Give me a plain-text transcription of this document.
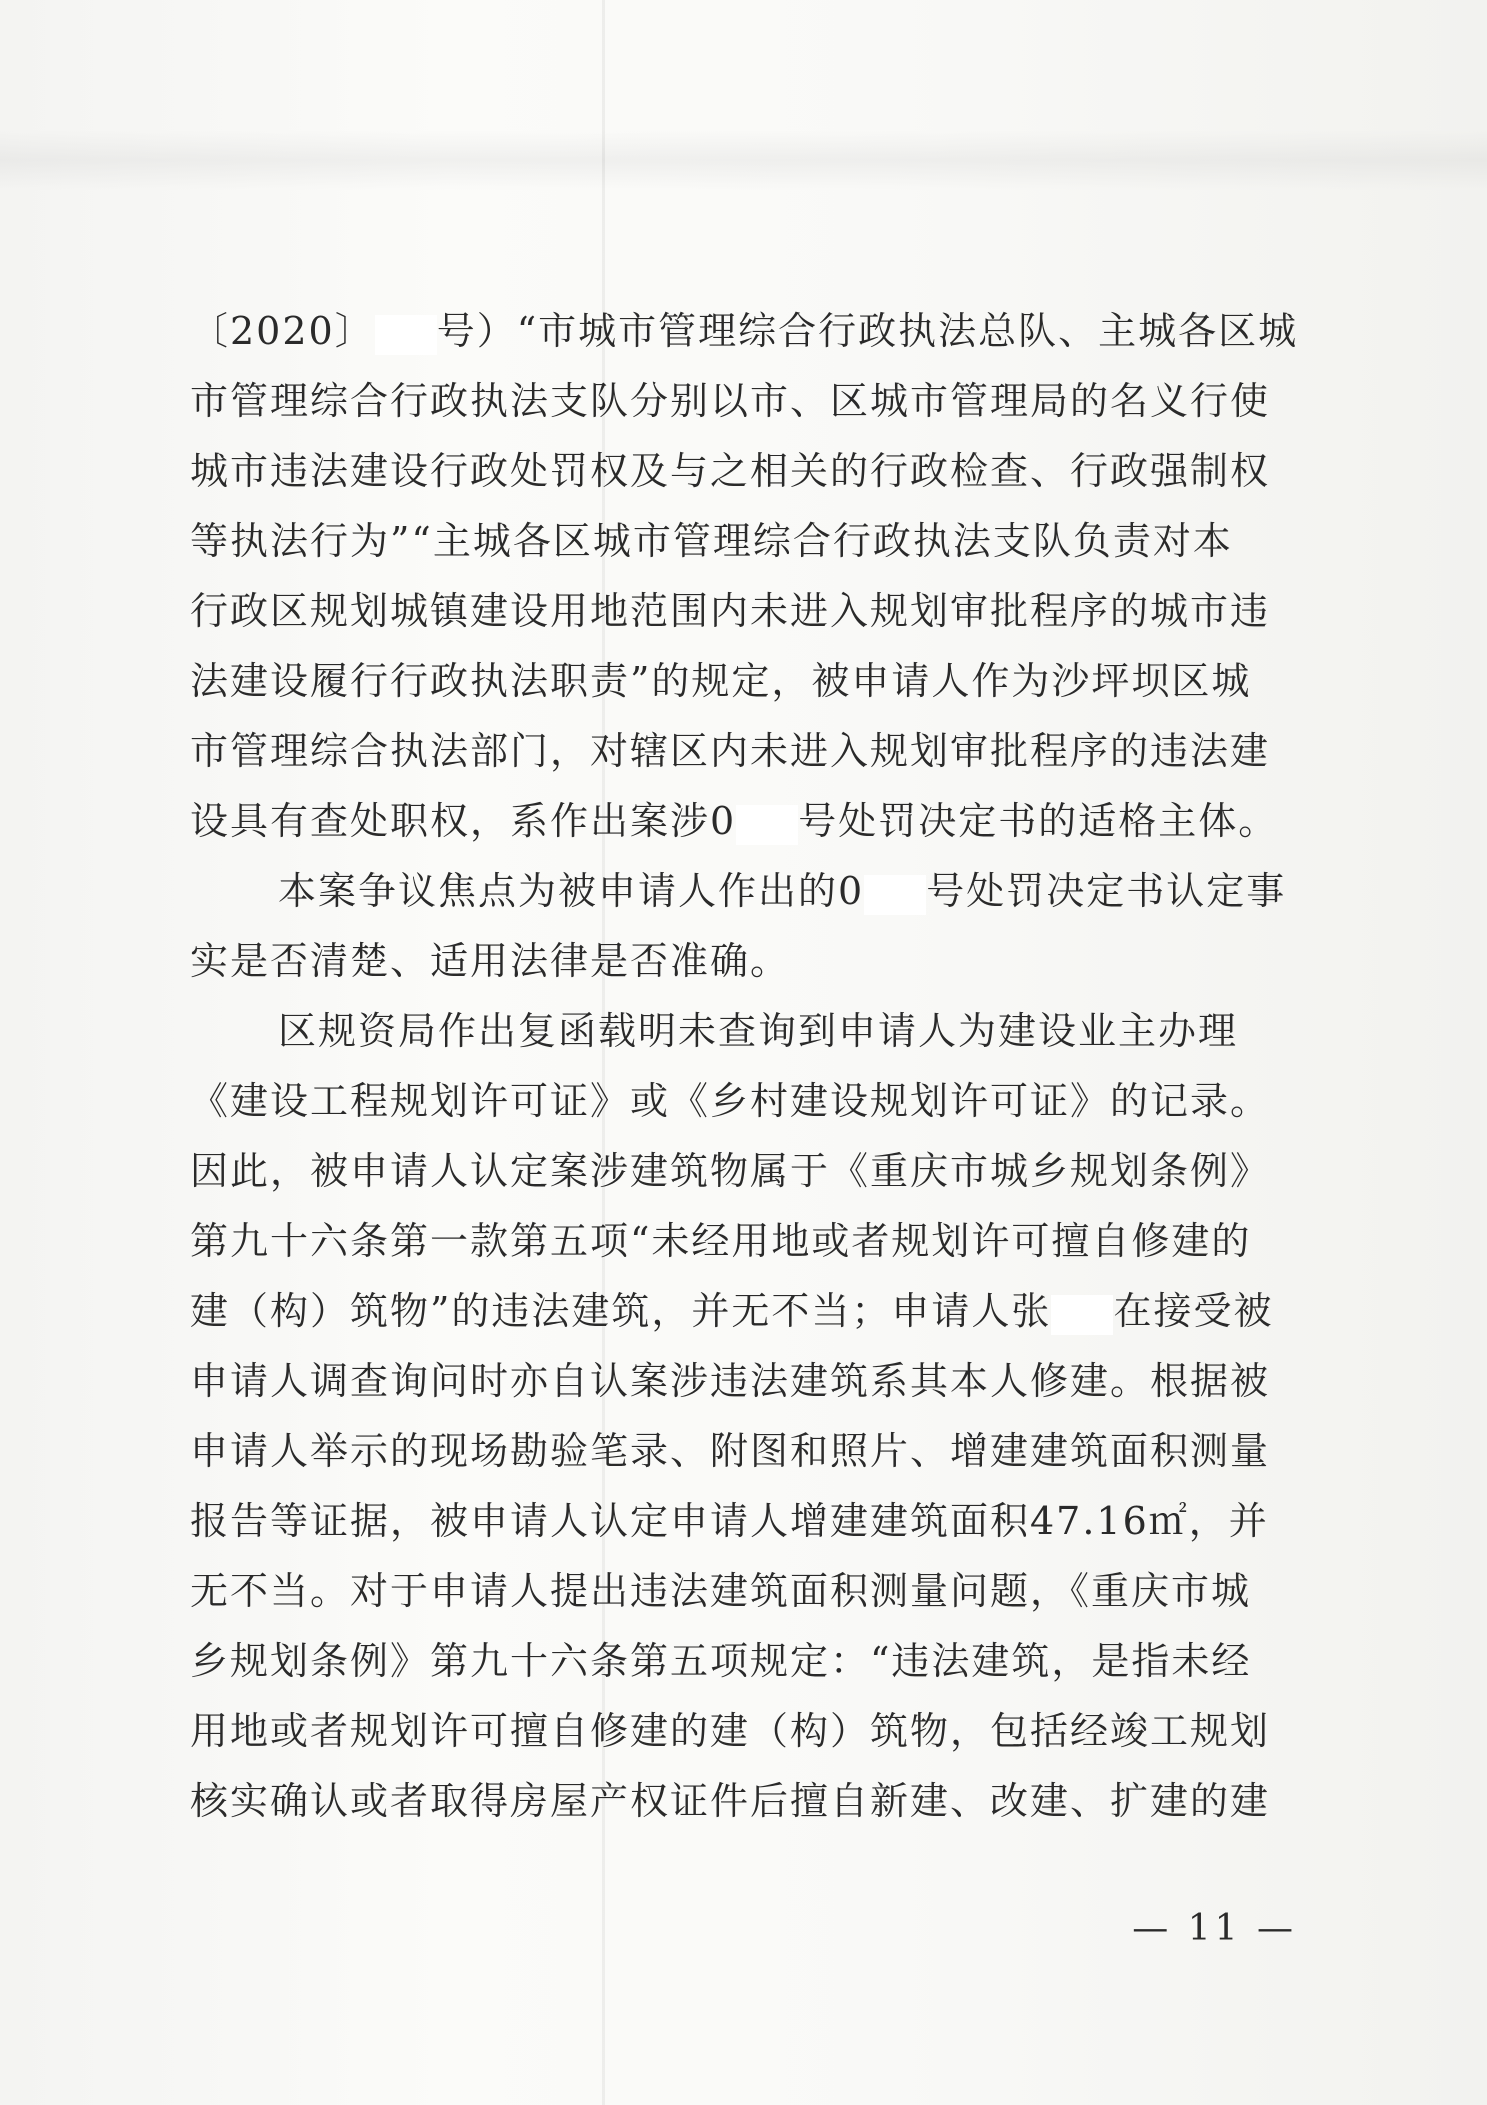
〔2020〕 号）“市城市管理综合行政执法总队、主城各区城
市管理综合行政执法支队分别以市、区城市管理局的名义行使
城市违法建设行政处罚权及与之相关的行政检查、行政强制权
等执法行为”“主城各区城市管理综合行政执法支队负责对本
行政区规划城镇建设用地范围内未进入规划审批程序的城市违
法建设履行行政执法职责”的规定，被申请人作为沙坪坝区城
市管理综合执法部门，对辖区内未进入规划审批程序的违法建
设具有查处职权，系作出案涉0 号处罚决定书的适格主体。
本案争议焦点为被申请人作出的0 号处罚决定书认定事
实是否清楚、适用法律是否准确。
区规资局作出复函载明未查询到申请人为建设业主办理
《建设工程规划许可证》或《乡村建设规划许可证》的记录。
因此，被申请人认定案涉建筑物属于《重庆市城乡规划条例》
第九十六条第一款第五项“未经用地或者规划许可擅自修建的
建（构）筑物”的违法建筑，并无不当；申请人张 在接受被
申请人调查询问时亦自认案涉违法建筑系其本人修建。根据被
申请人举示的现场勘验笔录、附图和照片、增建建筑面积测量
报告等证据，被申请人认定申请人增建建筑面积47.16㎡，并
无不当。对于申请人提出违法建筑面积测量问题，《重庆市城
乡规划条例》第九十六条第五项规定：“违法建筑，是指未经
用地或者规划许可擅自修建的建（构）筑物，包括经竣工规划
核实确认或者取得房屋产权证件后擅自新建、改建、扩建的建
— 11 —
